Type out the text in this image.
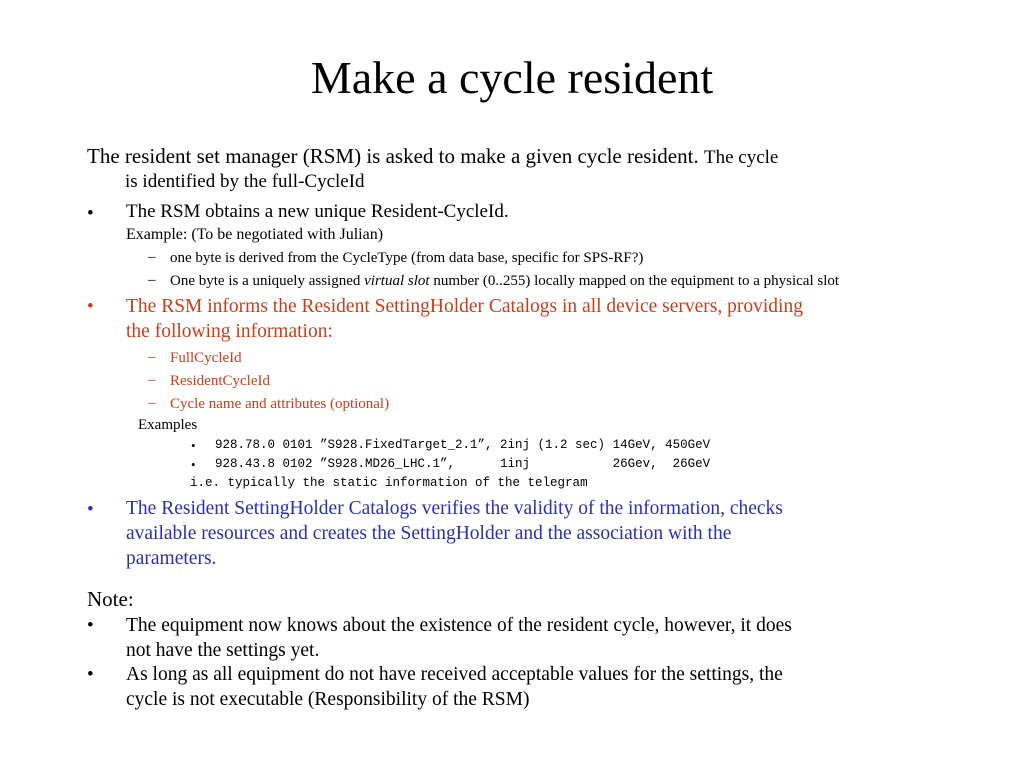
Make a cycle resident
The resident set manager (RSM) is asked to make a given cycle resident. The cycle
is identified by the full-CycleId
• The RSM obtains a new unique Resident-CycleId.
Example: (To be negotiated with Julian)
– one byte is derived from the CycleType (from data base, specific for SPS-RF?)
– One byte is a uniquely assigned virtual slot number (0..255) locally mapped on the equipment to a physical slot
• The RSM informs the Resident SettingHolder Catalogs in all device servers, providing
the following information:
– FullCycleId
– ResidentCycleId
– Cycle name and attributes (optional)
Examples
• 928.78.0 0101 ”S928.FixedTarget_2.1”, 2inj (1.2 sec) 14GeV, 450GeV
• 928.43.8 0102 ”S928.MD26_LHC.1”,      1inj           26Gev,  26GeV
i.e. typically the static information of the telegram
• The Resident SettingHolder Catalogs verifies the validity of the information, checks
available resources and creates the SettingHolder and the association with the
parameters.
Note:
• The equipment now knows about the existence of the resident cycle, however, it does
not have the settings yet.
• As long as all equipment do not have received acceptable values for the settings, the
cycle is not executable (Responsibility of the RSM)
